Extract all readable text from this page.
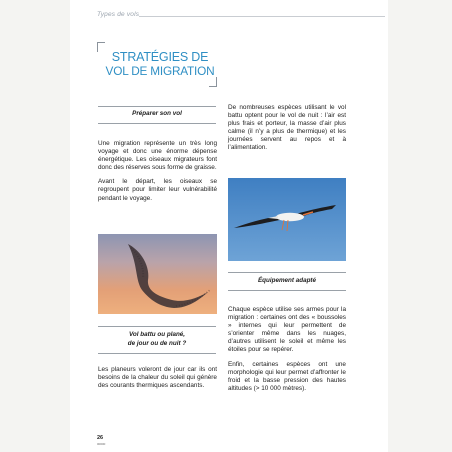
Types de vols
STRATÉGIES DE
VOL DE MIGRATION
Préparer son vol

Une migration représente un très long voyage et donc une énorme dépense énergétique. Les oiseaux migrateurs font donc des réserves sous forme de graisse.

Avant le départ, les oiseaux se regroupent pour limiter leur vulnérabilité pendant le voyage.

Vol battu ou plané,
de jour ou de nuit ?

Les planeurs voleront de jour car ils ont besoins de la chaleur du soleil qui génère des courants thermiques ascendants.

De nombreuses espèces utilisant le vol battu optent pour le vol de nuit : l’air est plus frais et porteur, la masse d’air plus calme (il n’y a plus de thermique) et les journées servent au repos et à l’alimentation.

Équipement adapté

Chaque espèce utilise ses armes pour la migration : certaines ont des « boussoles » internes qui leur permettent de s’orienter même dans les nuages, d’autres utilisent le soleil et même les étoiles pour se repérer.

Enfin, certaines espèces ont une morphologie qui leur permet d’affronter le froid et la basse pression des hautes altitudes (> 10 000 mètres).

26
00000
